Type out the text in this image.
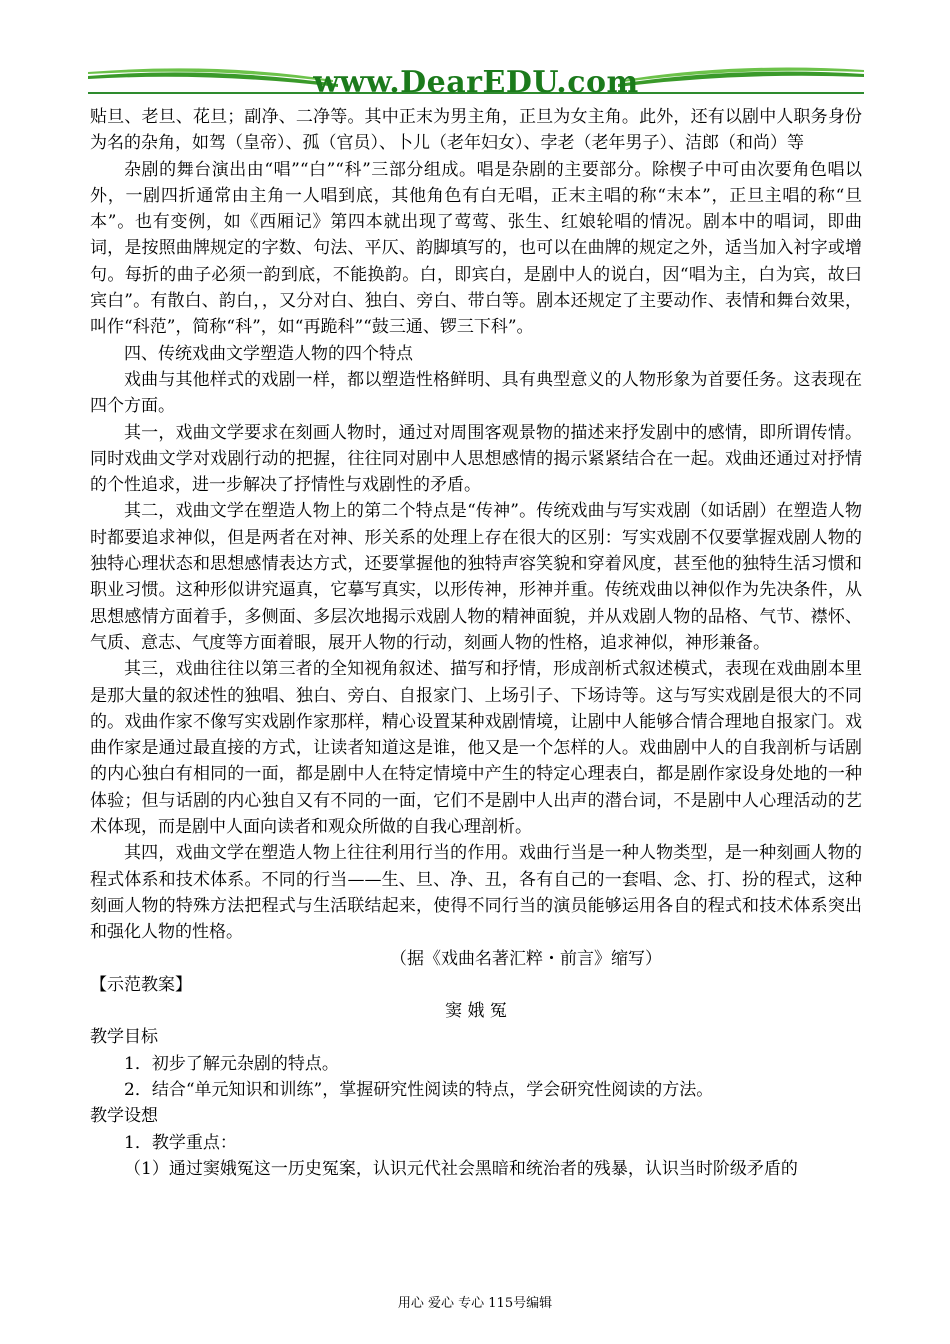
www.DearEDU.com

贴旦、老旦、花旦；副净、二净等。其中正末为男主角，正旦为女主角。此外，还有以剧中人职务身份为名的杂角，如驾（皇帝）、孤（官员）、卜儿（老年妇女）、孛老（老年男子）、洁郎（和尚）等

杂剧的舞台演出由“唱”“白”“科”三部分组成。唱是杂剧的主要部分。除楔子中可由次要角色唱以外，一剧四折通常由主角一人唱到底，其他角色有白无唱，正末主唱的称“末本”，正旦主唱的称“旦本”。也有变例，如《西厢记》第四本就出现了莺莺、张生、红娘轮唱的情况。剧本中的唱词，即曲词，是按照曲牌规定的字数、句法、平仄、韵脚填写的，也可以在曲牌的规定之外，适当加入衬字或增句。每折的曲子必须一韵到底，不能换韵。白，即宾白，是剧中人的说白，因“唱为主，白为宾，故曰宾白”。有散白、韵白，，又分对白、独白、旁白、带白等。剧本还规定了主要动作、表情和舞台效果，叫作“科范”，简称“科”，如“再跪科”“鼓三通、锣三下科”。

四、传统戏曲文学塑造人物的四个特点

戏曲与其他样式的戏剧一样，都以塑造性格鲜明、具有典型意义的人物形象为首要任务。这表现在四个方面。

其一，戏曲文学要求在刻画人物时，通过对周围客观景物的描述来抒发剧中的感情，即所谓传情。同时戏曲文学对戏剧行动的把握，往往同对剧中人思想感情的揭示紧紧结合在一起。戏曲还通过对抒情的个性追求，进一步解决了抒情性与戏剧性的矛盾。

其二，戏曲文学在塑造人物上的第二个特点是“传神”。传统戏曲与写实戏剧（如话剧）在塑造人物时都要追求神似，但是两者在对神、形关系的处理上存在很大的区别：写实戏剧不仅要掌握戏剧人物的独特心理状态和思想感情表达方式，还要掌握他的独特声容笑貌和穿着风度，甚至他的独特生活习惯和职业习惯。这种形似讲究逼真，它摹写真实，以形传神，形神并重。传统戏曲以神似作为先决条件，从思想感情方面着手，多侧面、多层次地揭示戏剧人物的精神面貌，并从戏剧人物的品格、气节、襟怀、气质、意志、气度等方面着眼，展开人物的行动，刻画人物的性格，追求神似，神形兼备。

其三，戏曲往往以第三者的全知视角叙述、描写和抒情，形成剖析式叙述模式，表现在戏曲剧本里是那大量的叙述性的独唱、独白、旁白、自报家门、上场引子、下场诗等。这与写实戏剧是很大的不同的。戏曲作家不像写实戏剧作家那样，精心设置某种戏剧情境，让剧中人能够合情合理地自报家门。戏曲作家是通过最直接的方式，让读者知道这是谁，他又是一个怎样的人。戏曲剧中人的自我剖析与话剧的内心独白有相同的一面，都是剧中人在特定情境中产生的特定心理表白，都是剧作家设身处地的一种体验；但与话剧的内心独自又有不同的一面，它们不是剧中人出声的潜台词，不是剧中人心理活动的艺术体现，而是剧中人面向读者和观众所做的自我心理剖析。

其四，戏曲文学在塑造人物上往往利用行当的作用。戏曲行当是一种人物类型，是一种刻画人物的程式体系和技术体系。不同的行当——生、旦、净、丑，各有自己的一套唱、念、打、扮的程式，这种刻画人物的特殊方法把程式与生活联结起来，使得不同行当的演员能够运用各自的程式和技术体系突出和强化人物的性格。

（据《戏曲名著汇粹・前言》缩写）

【示范教案】

窦 娥 冤

教学目标

1．初步了解元杂剧的特点。

2．结合“单元知识和训练”，掌握研究性阅读的特点，学会研究性阅读的方法。

教学设想

1．教学重点：

（1）通过窦娥冤这一历史冤案，认识元代社会黑暗和统治者的残暴，认识当时阶级矛盾的

用心 爱心 专心 115号编辑
